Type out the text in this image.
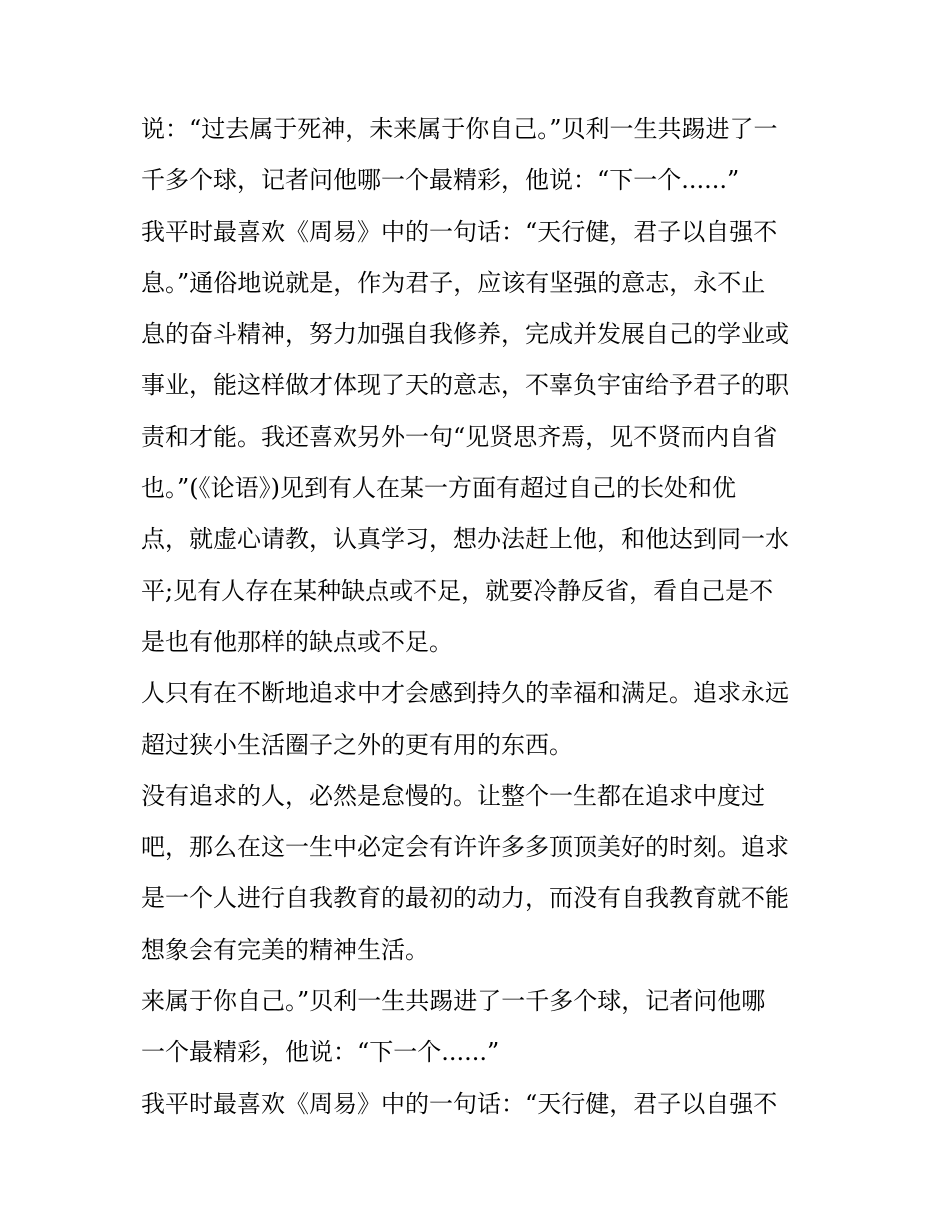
说：“过去属于死神，未来属于你自己。”贝利一生共踢进了一
千多个球，记者问他哪一个最精彩，他说：“下一个......”
我平时最喜欢《周易》中的一句话：“天行健，君子以自强不
息。”通俗地说就是，作为君子，应该有坚强的意志，永不止
息的奋斗精神，努力加强自我修养，完成并发展自己的学业或
事业，能这样做才体现了天的意志，不辜负宇宙给予君子的职
责和才能。我还喜欢另外一句“见贤思齐焉，见不贤而内自省
也。”(《论语》)见到有人在某一方面有超过自己的长处和优
点，就虚心请教，认真学习，想办法赶上他，和他达到同一水
平;见有人存在某种缺点或不足，就要冷静反省，看自己是不
是也有他那样的缺点或不足。
人只有在不断地追求中才会感到持久的幸福和满足。追求永远
超过狭小生活圈子之外的更有用的东西。
没有追求的人，必然是怠慢的。让整个一生都在追求中度过
吧，那么在这一生中必定会有许许多多顶顶美好的时刻。追求
是一个人进行自我教育的最初的动力，而没有自我教育就不能
想象会有完美的精神生活。
来属于你自己。”贝利一生共踢进了一千多个球，记者问他哪
一个最精彩，他说：“下一个......”
我平时最喜欢《周易》中的一句话：“天行健，君子以自强不
